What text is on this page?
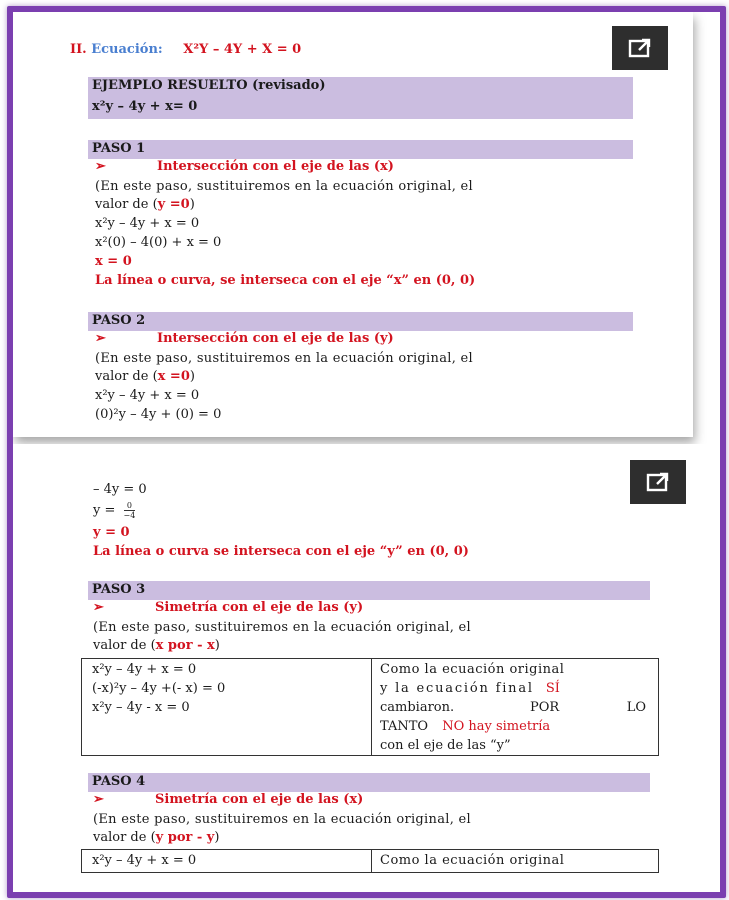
II. Ecuación: X²Y – 4Y + X = 0
EJEMPLO RESUELTO (revisado)
x²y – 4y + x= 0
PASO 1
➢	Intersección con el eje de las (x)
(En este paso, sustituiremos en la ecuación original, el
valor de (y =0)
x²y – 4y + x = 0
x²(0) – 4(0) + x = 0
x = 0
La línea o curva, se interseca con el eje “x” en (0, 0)
PASO 2
➢	Intersección con el eje de las (y)
(En este paso, sustituiremos en la ecuación original, el
valor de (x =0)
x²y – 4y + x = 0
(0)²y – 4y + (0) = 0
– 4y = 0
$y = \frac{0}{-4}$
y = 0
La línea o curva se interseca con el eje “y” en (0, 0)
PASO 3
➢	Simetría con el eje de las (y)
(En este paso, sustituiremos en la ecuación original, el
valor de (x por - x)
x²y – 4y + x = 0
(-x)²y – 4y +(- x) = 0
x²y – 4y - x = 0
Como la ecuación original
y la ecuación final SÍ
cambiaron.	POR	LO
TANTO NO hay simetría
con el eje de las “y”
PASO 4
➢	Simetría con el eje de las (x)
(En este paso, sustituiremos en la ecuación original, el
valor de (y por - y)
x²y – 4y + x = 0	Como la ecuación original
